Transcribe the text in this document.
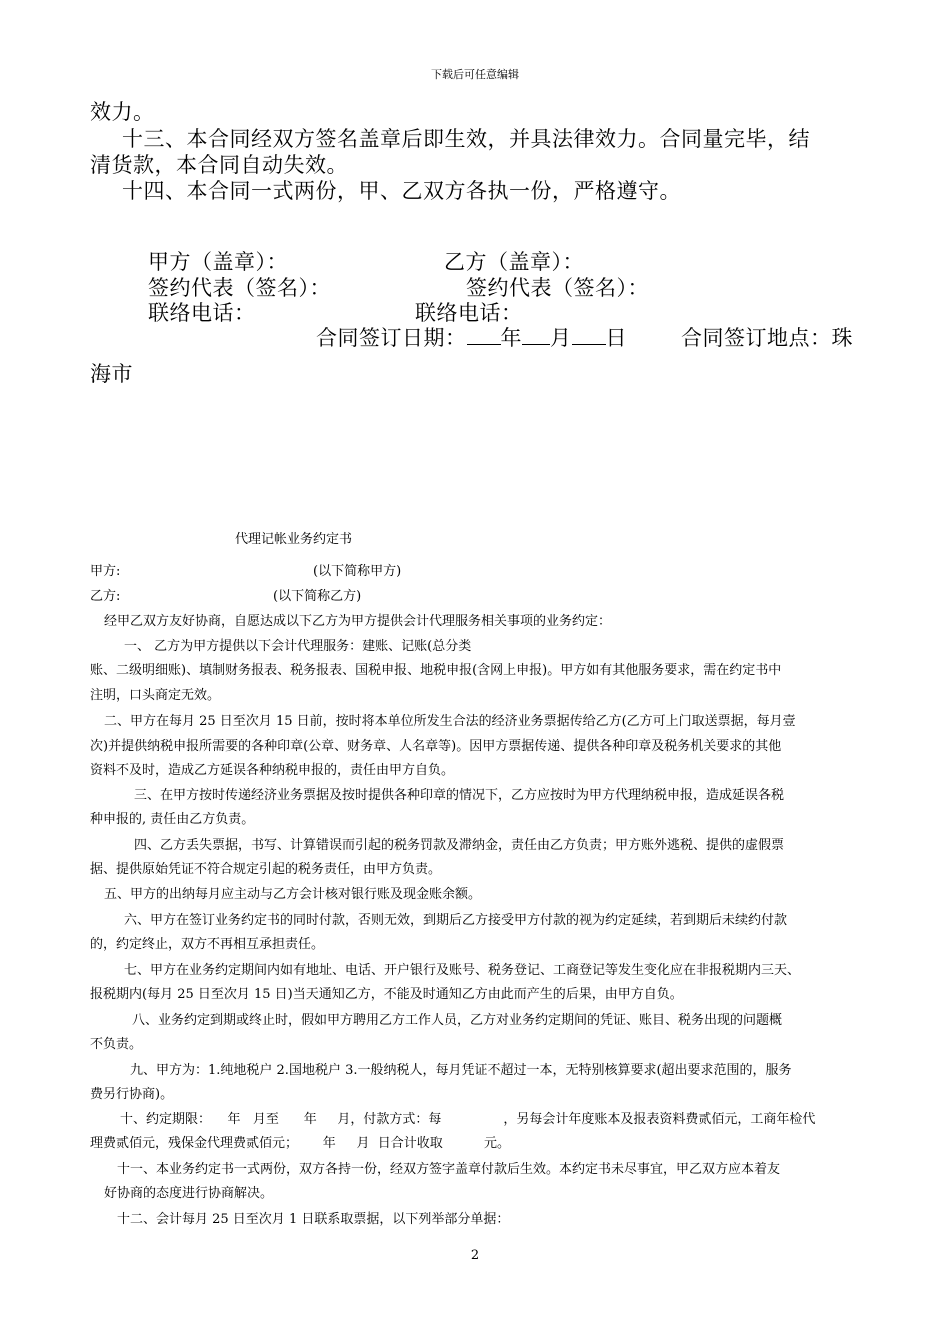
下载后可任意编辑
效力。
十三、本合同经双方签名盖章后即生效，并具法律效力。合同量完毕，结
清货款，本合同自动失效。
十四、本合同一式两份，甲、乙双方各执一份，严格遵守。
甲方（盖章）：	乙方（盖章）：
签约代表（签名）：	签约代表（签名）：
联络电话：	联络电话：
合同签订日期： 年 月 日	合同签订地点：珠
海市
代理记帐业务约定书
甲方:	(以下简称甲方)
乙方:	(以下简称乙方)
经甲乙双方友好协商，自愿达成以下乙方为甲方提供会计代理服务相关事项的业务约定：
一、 乙方为甲方提供以下会计代理服务：建账、记账(总分类
账、二级明细账)、填制财务报表、税务报表、国税申报、地税申报(含网上申报)。甲方如有其他服务要求，需在约定书中
注明，口头商定无效。
二、甲方在每月 25 日至次月 15 日前，按时将本单位所发生合法的经济业务票据传给乙方(乙方可上门取送票据，每月壹
次)并提供纳税申报所需要的各种印章(公章、财务章、人名章等)。因甲方票据传递、提供各种印章及税务机关要求的其他
资料不及时，造成乙方延误各种纳税申报的，责任由甲方自负。
三、在甲方按时传递经济业务票据及按时提供各种印章的情况下，乙方应按时为甲方代理纳税申报，造成延误各税
种申报的, 责任由乙方负责。
四、乙方丢失票据，书写、计算错误而引起的税务罚款及滞纳金，责任由乙方负责；甲方账外逃税、提供的虚假票
据、提供原始凭证不符合规定引起的税务责任，由甲方负责。
五、甲方的出纳每月应主动与乙方会计核对银行账及现金账余额。
六、甲方在签订业务约定书的同时付款，否则无效，到期后乙方接受甲方付款的视为约定延续，若到期后未续约付款
的，约定终止，双方不再相互承担责任。
七、甲方在业务约定期间内如有地址、电话、开户银行及账号、税务登记、工商登记等发生变化应在非报税期内三天、
报税期内(每月 25 日至次月 15 日)当天通知乙方，不能及时通知乙方由此而产生的后果，由甲方自负。
八、业务约定到期或终止时，假如甲方聘用乙方工作人员，乙方对业务约定期间的凭证、账目、税务出现的问题概
不负责。
九、甲方为：1.纯地税户 2.国地税户 3.一般纳税人，每月凭证不超过一本，无特别核算要求(超出要求范围的，服务
费另行协商)。
十、约定期限：    年   月至      年     月，付款方式：每               ，另每会计年度账本及报表资料费贰佰元，工商年检代
理费贰佰元，残保金代理费贰佰元；      年     月  日合计收取          元。
十一、本业务约定书一式两份，双方各持一份，经双方签字盖章付款后生效。本约定书未尽事宜，甲乙双方应本着友
好协商的态度进行协商解决。
十二、会计每月 25 日至次月 1 日联系取票据，以下列举部分单据：
2
